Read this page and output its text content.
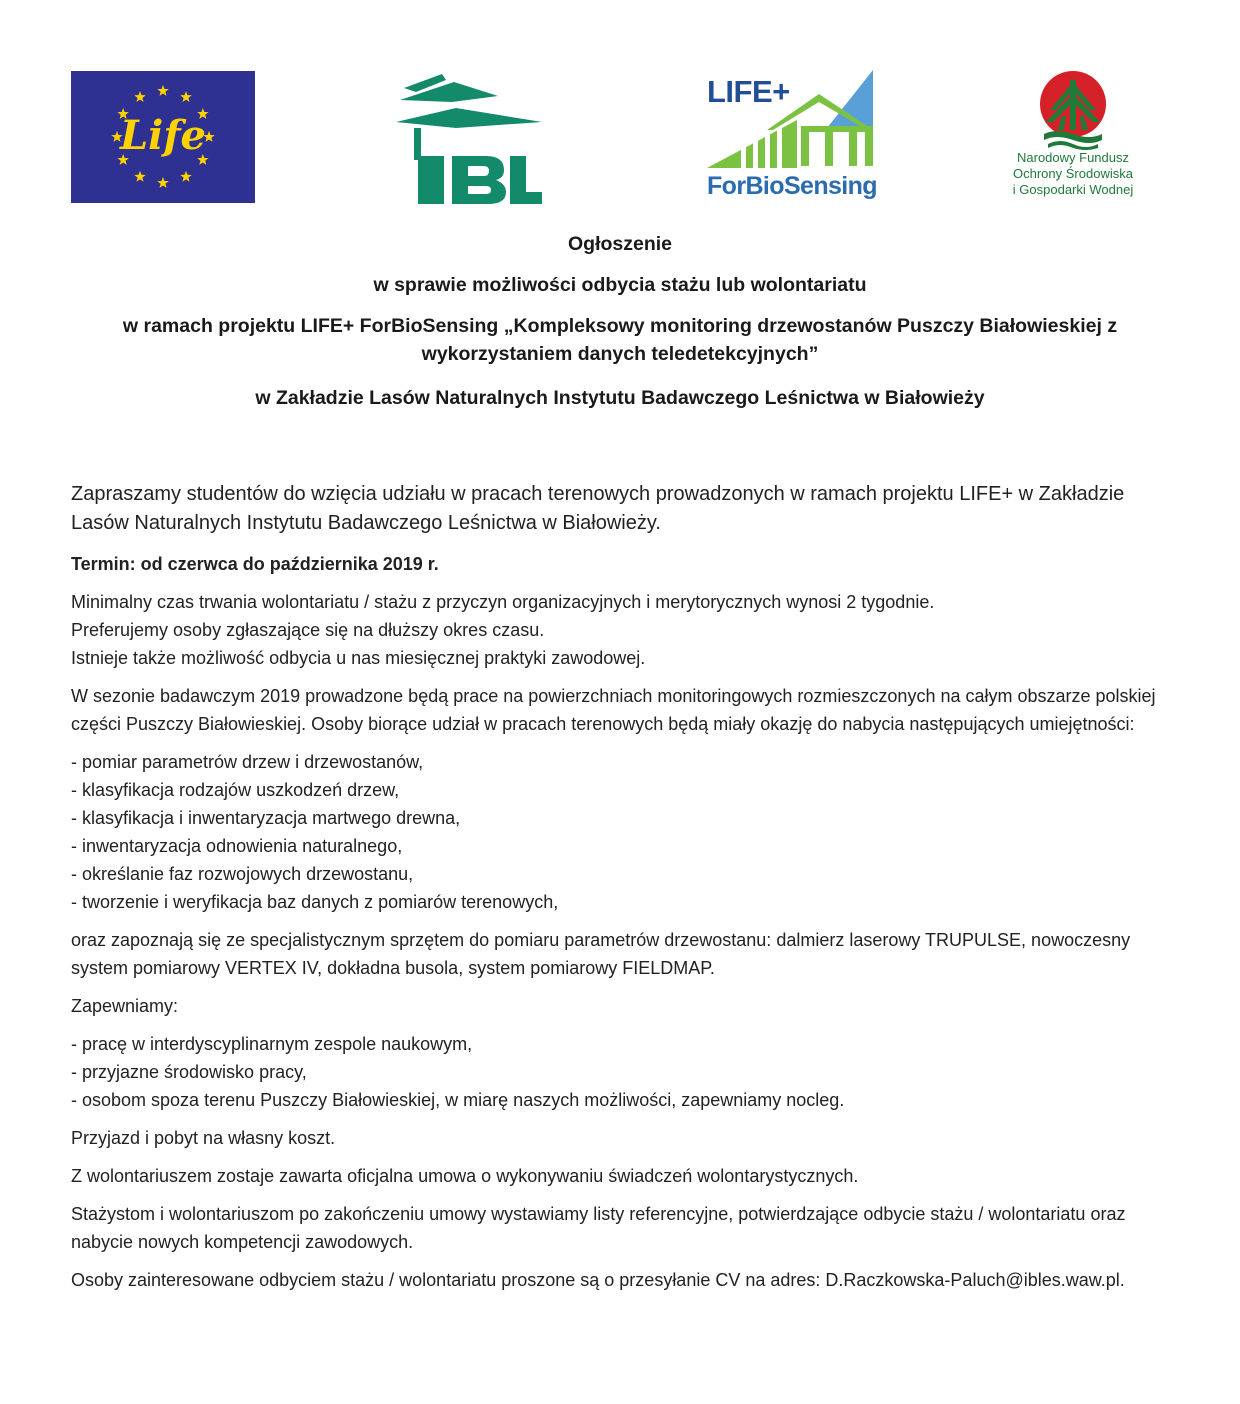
Life
IBL
LIFE+
ForBioSensing
Narodowy Fundusz
Ochrony Środowiska
i Gospodarki Wodnej

Ogłoszenie

w sprawie możliwości odbycia stażu lub wolontariatu

w ramach projektu LIFE+ ForBioSensing „Kompleksowy monitoring drzewostanów Puszczy Białowieskiej z wykorzystaniem danych teledetekcyjnych”

w Zakładzie Lasów Naturalnych Instytutu Badawczego Leśnictwa w Białowieży

Zapraszamy studentów do wzięcia udziału w pracach terenowych prowadzonych w ramach projektu LIFE+ w Zakładzie Lasów Naturalnych Instytutu Badawczego Leśnictwa w Białowieży.

Termin: od czerwca do października 2019 r.

Minimalny czas trwania wolontariatu / stażu z przyczyn organizacyjnych i merytorycznych wynosi 2 tygodnie.
Preferujemy osoby zgłaszające się na dłuższy okres czasu.
Istnieje także możliwość odbycia u nas miesięcznej praktyki zawodowej.

W sezonie badawczym 2019 prowadzone będą prace na powierzchniach monitoringowych rozmieszczonych na całym obszarze polskiej części Puszczy Białowieskiej. Osoby biorące udział w pracach terenowych będą miały okazję do nabycia następujących umiejętności:

- pomiar parametrów drzew i drzewostanów,
- klasyfikacja rodzajów uszkodzeń drzew,
- klasyfikacja i inwentaryzacja martwego drewna,
- inwentaryzacja odnowienia naturalnego,
- określanie faz rozwojowych drzewostanu,
- tworzenie i weryfikacja baz danych z pomiarów terenowych,

oraz zapoznają się ze specjalistycznym sprzętem do pomiaru parametrów drzewostanu: dalmierz laserowy TRUPULSE, nowoczesny system pomiarowy VERTEX IV, dokładna busola, system pomiarowy FIELDMAP.

Zapewniamy:

- pracę w interdyscyplinarnym zespole naukowym,
- przyjazne środowisko pracy,
- osobom spoza terenu Puszczy Białowieskiej, w miarę naszych możliwości, zapewniamy nocleg.

Przyjazd i pobyt na własny koszt.

Z wolontariuszem zostaje zawarta oficjalna umowa o wykonywaniu świadczeń wolontarystycznych.

Stażystom i wolontariuszom po zakończeniu umowy wystawiamy listy referencyjne, potwierdzające odbycie stażu / wolontariatu oraz nabycie nowych kompetencji zawodowych.

Osoby zainteresowane odbyciem stażu / wolontariatu proszone są o przesyłanie CV na adres: D.Raczkowska-Paluch@ibles.waw.pl.
